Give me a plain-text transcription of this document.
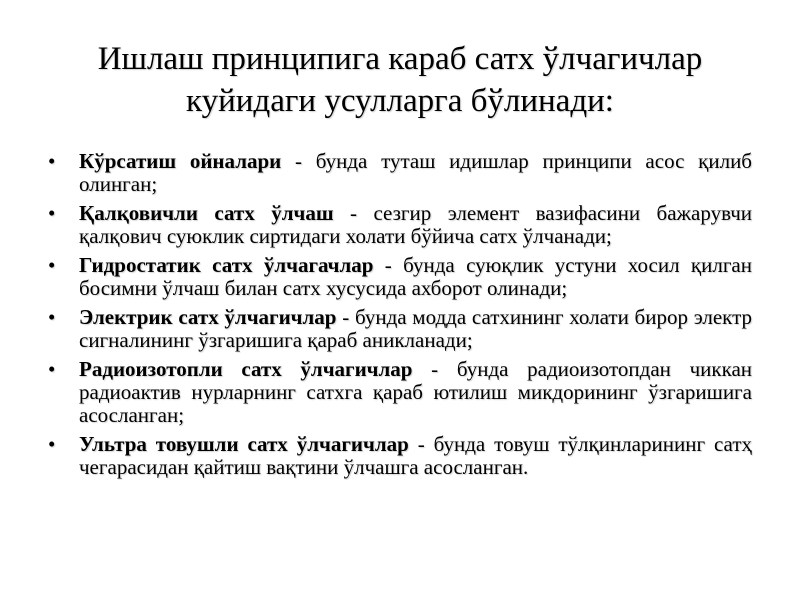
Ишлаш принципига караб сатх ўлчагичлар
куйидаги усулларга бўлинади:
• Кўрсатиш ойналари - бунда туташ идишлар принципи асос қилиб олинган;
• Қалқовичли сатх ўлчаш - сезгир элемент вазифасини бажарувчи қалқович суюклик сиртидаги холати бўйича сатх ўлчанади;
• Гидростатик сатх ўлчагачлар - бунда суюқлик устуни хосил қилган босимни ўлчаш билан сатх хусусида ахборот олинади;
• Электрик сатх ўлчагичлар - бунда модда сатхининг холати бирор электр сигналининг ўзгаришига қараб аникланади;
• Радиоизотопли сатх ўлчагичлар - бунда радиоизотопдан чиккан радиоактив нурларнинг сатхга қараб ютилиш микдорининг ўзгаришига асосланган;
• Ультра товушли сатх ўлчагичлар - бунда товуш тўлқинларининг сатҳ чегарасидан қайтиш вақтини ўлчашга асосланган.
